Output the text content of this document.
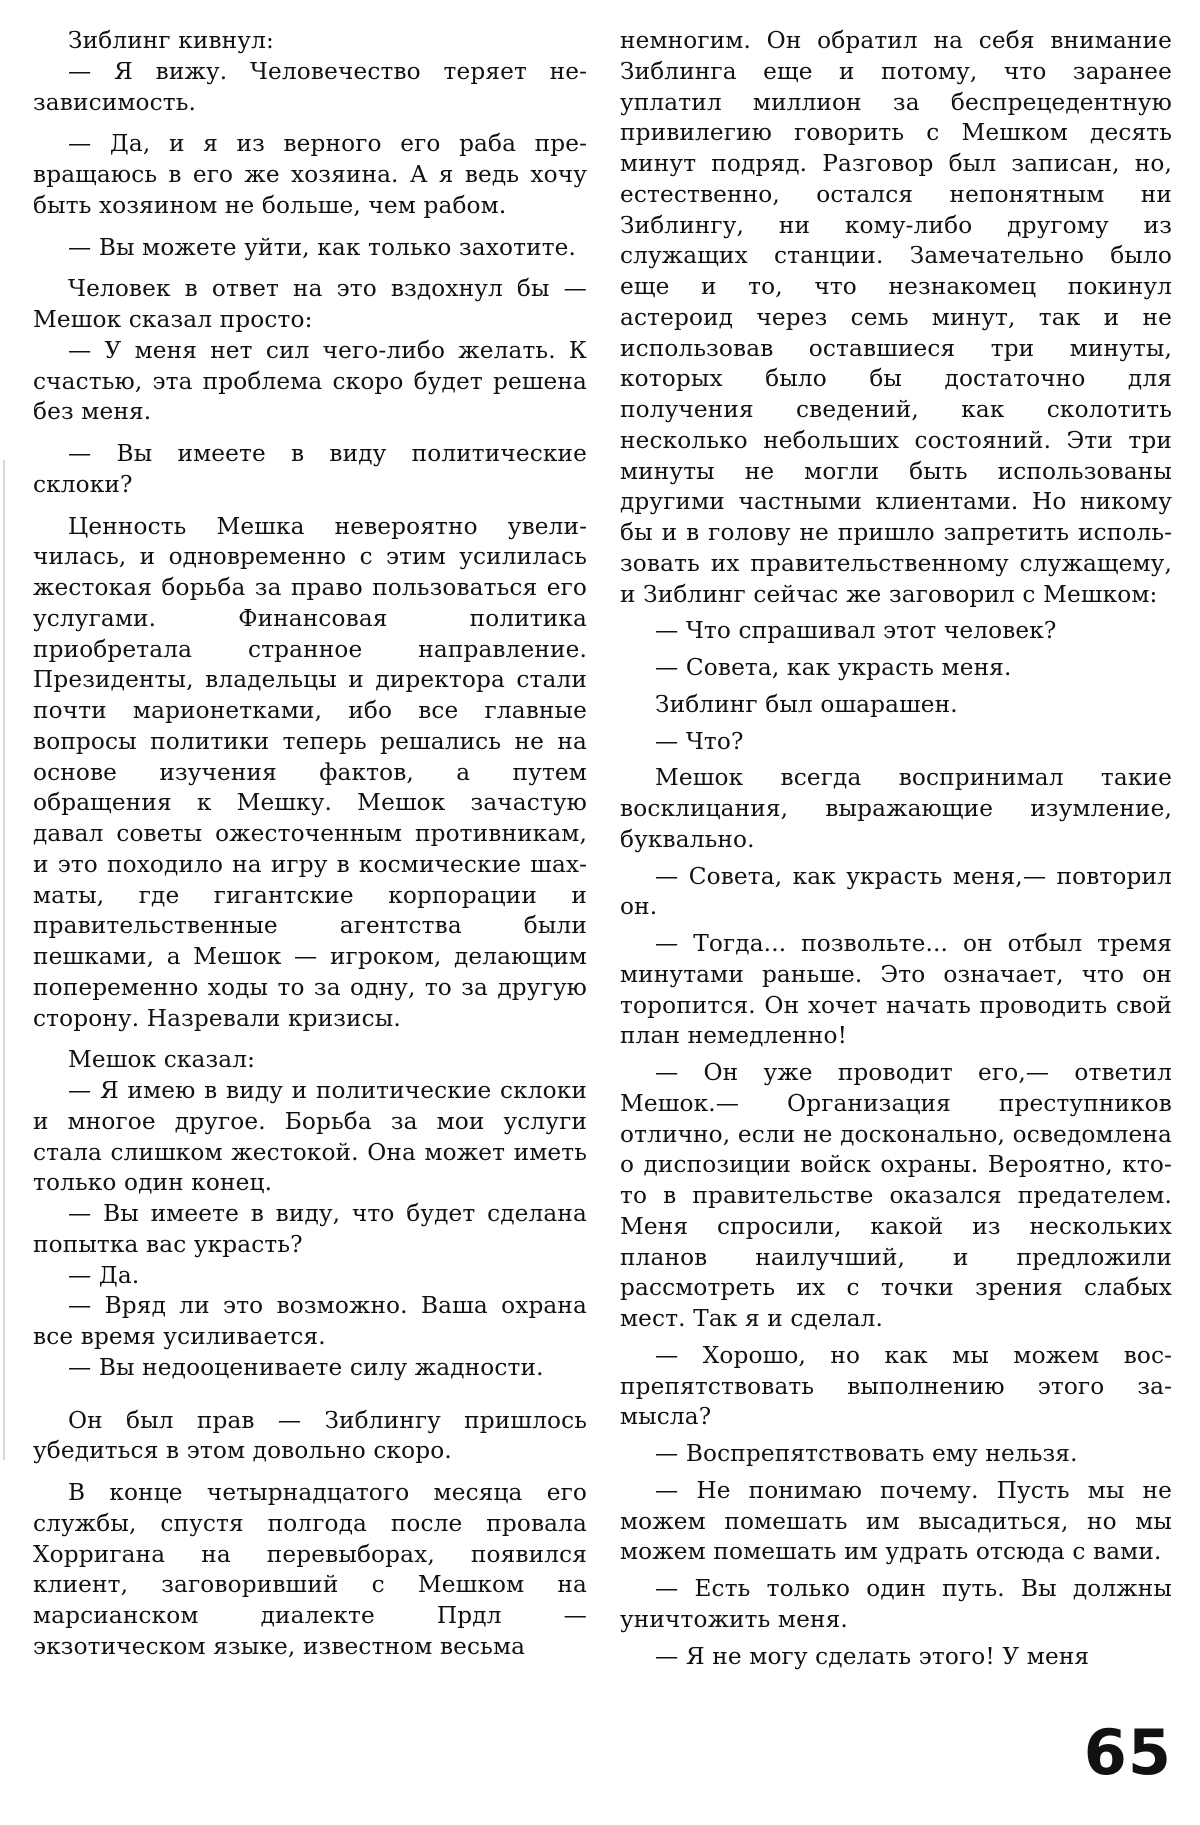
Зиблинг кивнул:

— Я вижу. Человечество теряет независимость.

— Да, и я из верного его раба превращаюсь в его же хозяина. А я ведь хочу быть хозяином не больше, чем рабом.

— Вы можете уйти, как только захотите.

Человек в ответ на это вздохнул бы — Мешок сказал просто:

— У меня нет сил чего-либо желать. К счастью, эта проблема скоро будет решена без меня.

— Вы имеете в виду политические склоки?

Ценность Мешка невероятно увеличилась, и одновременно с этим усилилась жестокая борьба за право пользоваться его услугами. Финансовая политика приобретала странное направление. Президенты, владельцы и директора стали почти марионетками, ибо все главные вопросы политики теперь решались не на основе изучения фактов, а путем обращения к Мешку. Мешок зачастую давал советы ожесточенным противникам, и это походило на игру в космические шахматы, где гигантские корпорации и правительственные агентства были пешками, а Мешок — игроком, делающим попеременно ходы то за одну, то за другую сторону. Назревали кризисы.

Мешок сказал:

— Я имею в виду и политические склоки и многое другое. Борьба за мои услуги стала слишком жестокой. Она может иметь только один конец.

— Вы имеете в виду, что будет сделана попытка вас украсть?

— Да.

— Вряд ли это возможно. Ваша охрана все время усиливается.

— Вы недооцениваете силу жадности.

Он был прав — Зиблингу пришлось убедиться в этом довольно скоро.

В конце четырнадцатого месяца его службы, спустя полгода после провала Хорригана на перевыборах, появился клиент, заговоривший с Мешком на марсианском диалекте Прдл — экзотическом языке, известном весьма

немногим. Он обратил на себя внимание Зиблинга еще и потому, что заранее уплатил миллион за беспрецедентную привилегию говорить с Мешком десять минут подряд. Разговор был записан, но, естественно, остался непонятным ни Зиблингу, ни кому-либо другому из служащих станции. Замечательно было еще и то, что незнакомец покинул астероид через семь минут, так и не использовав оставшиеся три минуты, которых было бы достаточно для получения сведений, как сколотить несколько небольших состояний. Эти три минуты не могли быть использованы другими частными клиентами. Но никому бы и в голову не пришло запретить использовать их правительственному служащему, и Зиблинг сейчас же заговорил с Мешком:

— Что спрашивал этот человек?

— Совета, как украсть меня.

Зиблинг был ошарашен.

— Что?

Мешок всегда воспринимал такие восклицания, выражающие изумление, буквально.

— Совета, как украсть меня,— повторил он.

— Тогда... позвольте... он отбыл тремя минутами раньше. Это означает, что он торопится. Он хочет начать проводить свой план немедленно!

— Он уже проводит его,— ответил Мешок.— Организация преступников отлично, если не досконально, осведомлена о диспозиции войск охраны. Вероятно, кто-то в правительстве оказался предателем. Меня спросили, какой из нескольких планов наилучший, и предложили рассмотреть их с точки зрения слабых мест. Так я и сделал.

— Хорошо, но как мы можем воспрепятствовать выполнению этого замысла?

— Воспрепятствовать ему нельзя.

— Не понимаю почему. Пусть мы не можем помешать им высадиться, но мы можем помешать им удрать отсюда с вами.

— Есть только один путь. Вы должны уничтожить меня.

— Я не могу сделать этого! У меня

65
